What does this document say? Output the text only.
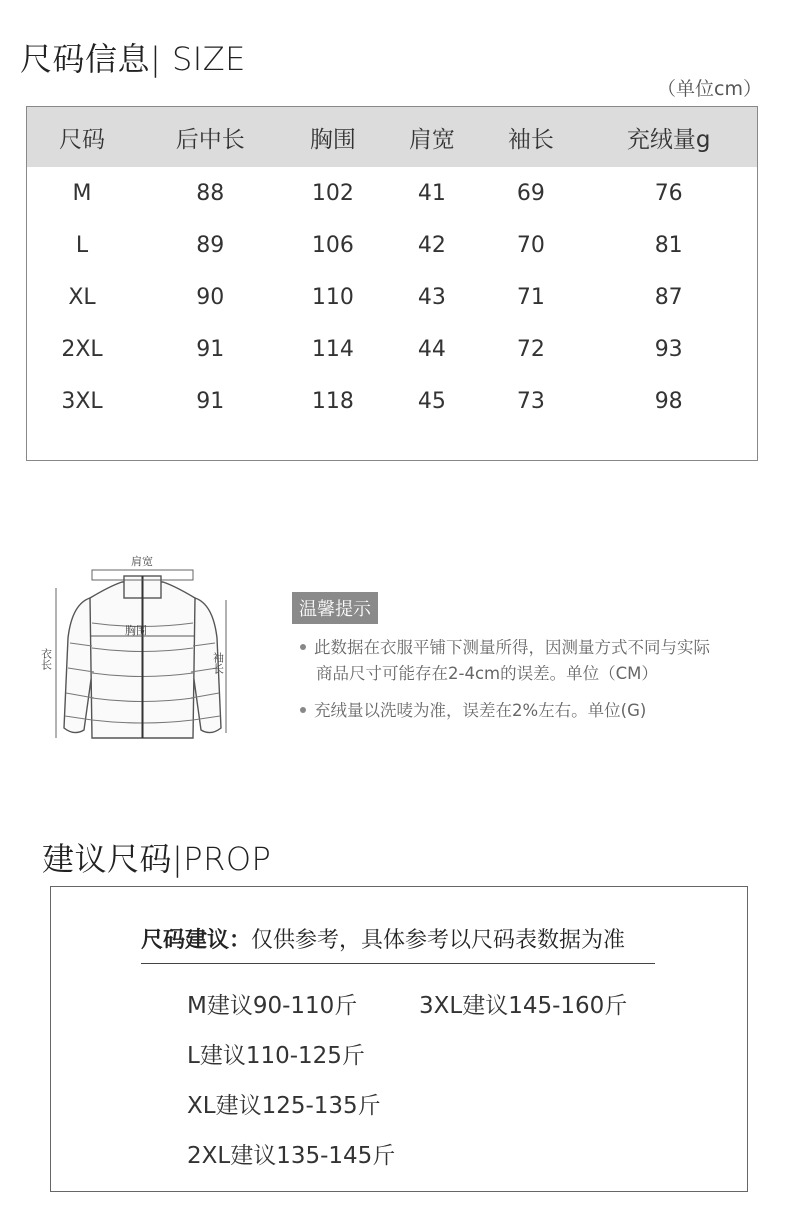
尺码信息| SIZE
（单位cm）
尺码	后中长	胸围	肩宽	袖长	充绒量g
M	88	102	41	69	76
L	89	106	42	70	81
XL	90	110	43	71	87
2XL	91	114	44	72	93
3XL	91	118	45	73	98
肩宽
胸围
衣长	袖长
温馨提示
此数据在衣服平铺下测量所得，因测量方式不同与实际
商品尺寸可能存在2-4cm的误差。单位（CM）
充绒量以洗唛为准，误差在2%左右。单位(G)
建议尺码|PROP
尺码建议：仅供参考，具体参考以尺码表数据为准
M建议90-110斤	3XL建议145-160斤
L建议110-125斤
XL建议125-135斤
2XL建议135-145斤
